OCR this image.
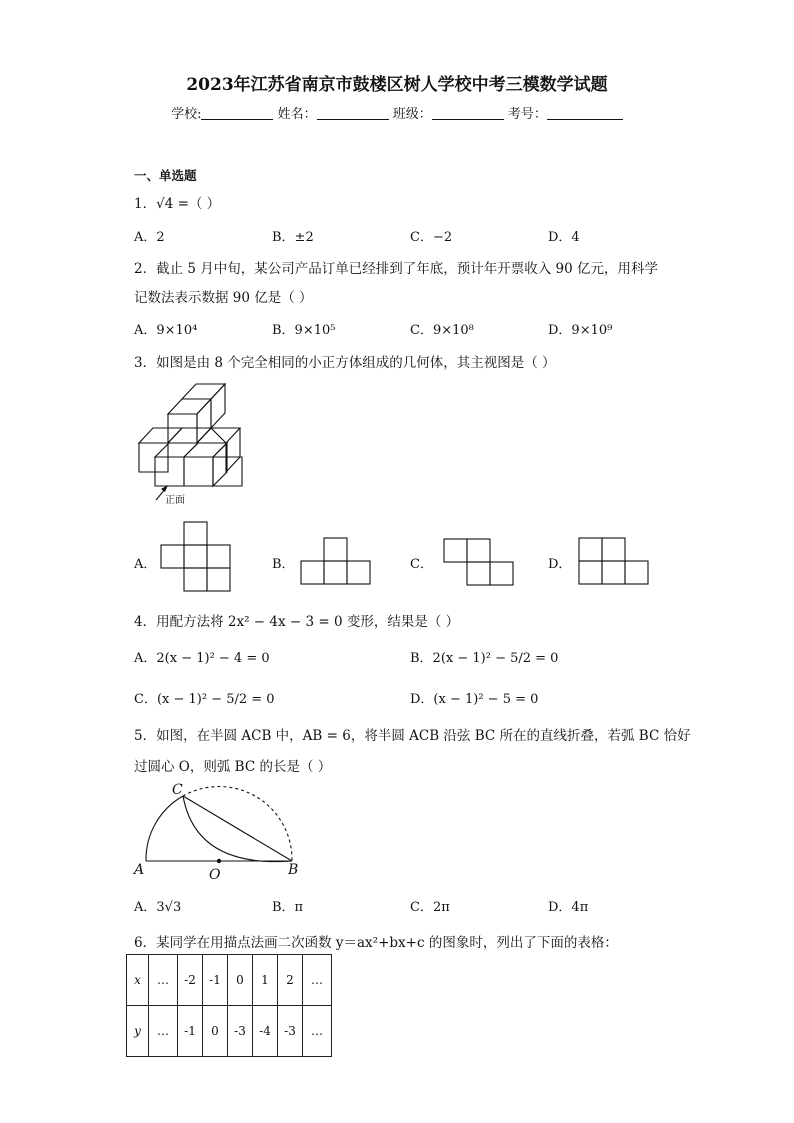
2023年江苏省南京市鼓楼区树人学校中考三模数学试题
学校:	姓名：	班级：	考号：
一、单选题
1．√4 =（ ）
A．2	B．±2	C．−2	D．4
2．截止 5 月中旬，某公司产品订单已经排到了年底，预计年开票收入 90 亿元，用科学
记数法表示数据 90 亿是（ ）
A．9×10⁴	B．9×10⁵	C．9×10⁸	D．9×10⁹
3．如图是由 8 个完全相同的小正方体组成的几何体，其主视图是（ ）
正面
A．	B．	C．	D．
4．用配方法将 2x² − 4x − 3 = 0 变形，结果是（ ）
A．2(x − 1)² − 4 = 0	B．2(x − 1)² − 5/2 = 0
C．(x − 1)² − 5/2 = 0	D．(x − 1)² − 5 = 0
5．如图，在半圆 ACB 中，AB = 6，将半圆 ACB 沿弦 BC 所在的直线折叠，若弧 BC 恰好
过圆心 O，则弧 BC 的长是（ ）
C
A	O	B
A．3√3	B．π	C．2π	D．4π
6．某同学在用描点法画二次函数 y＝ax²+bx+c 的图象时，列出了下面的表格：
x	…	-2	-1	0	1	2	…
y	…	-1	0	-3	-4	-3	…
